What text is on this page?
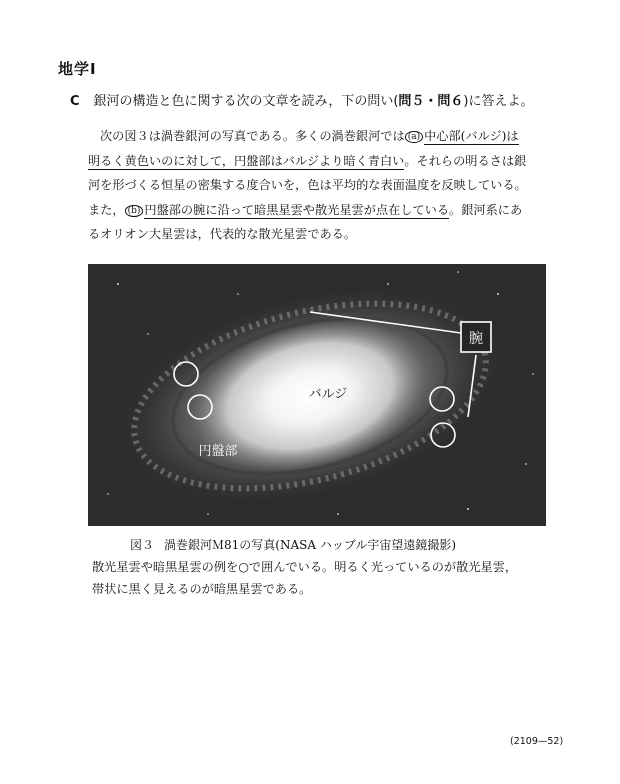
地学Ⅰ
C 銀河の構造と色に関する次の文章を読み，下の問い(問５・問６)に答えよ。
次の図３は渦巻銀河の写真である。多くの渦巻銀河では (a) 中心部(バルジ)は
明るく黄色いのに対して，円盤部はバルジより暗く青白い。それらの明るさは銀
河を形づくる恒星の密集する度合いを，色は平均的な表面温度を反映している。
また， (b) 円盤部の腕に沿って暗黒星雲や散光星雲が点在している。銀河系にあ
るオリオン大星雲は，代表的な散光星雲である。
腕
バルジ
円盤部
図３ 渦巻銀河Ｍ81の写真(NASA ハッブル宇宙望遠鏡撮影)
散光星雲や暗黒星雲の例を○で囲んでいる。明るく光っているのが散光星雲，
帯状に黒く見えるのが暗黒星雲である。
(2109—52)
